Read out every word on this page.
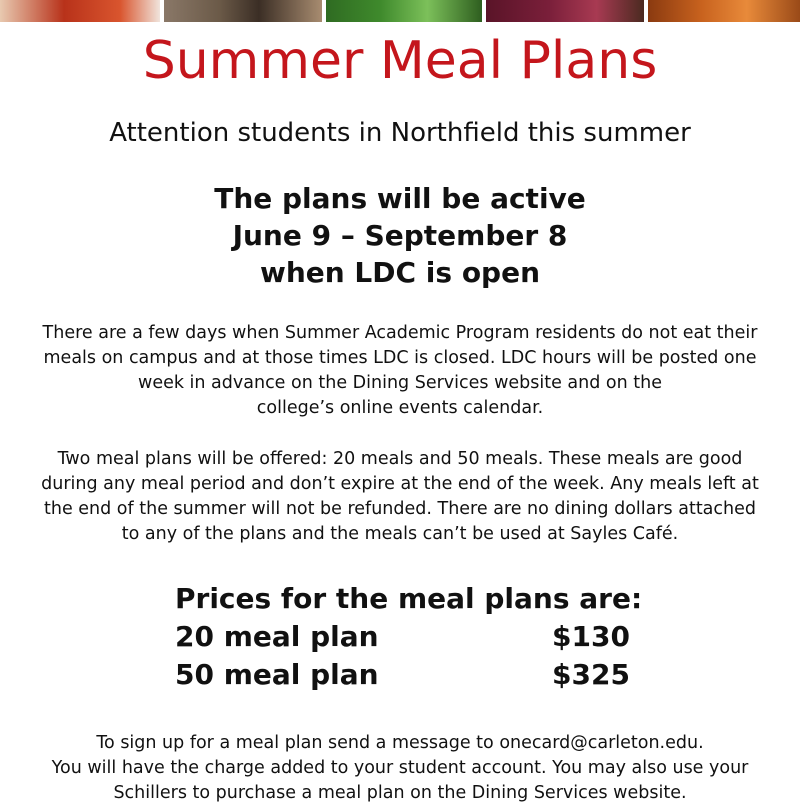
Summer Meal Plans
Attention students in Northfield this summer
The plans will be active
June 9 – September 8
when LDC is open
There are a few days when Summer Academic Program residents do not eat their
meals on campus and at those times LDC is closed. LDC hours will be posted one
week in advance on the Dining Services website and on the
college’s online events calendar.
Two meal plans will be offered: 20 meals and 50 meals. These meals are good
during any meal period and don’t expire at the end of the week. Any meals left at
the end of the summer will not be refunded. There are no dining dollars attached
to any of the plans and the meals can’t be used at Sayles Café.
Prices for the meal plans are:
20 meal plan	$130
50 meal plan	$325
To sign up for a meal plan send a message to onecard@carleton.edu.
You will have the charge added to your student account. You may also use your
Schillers to purchase a meal plan on the Dining Services website.
